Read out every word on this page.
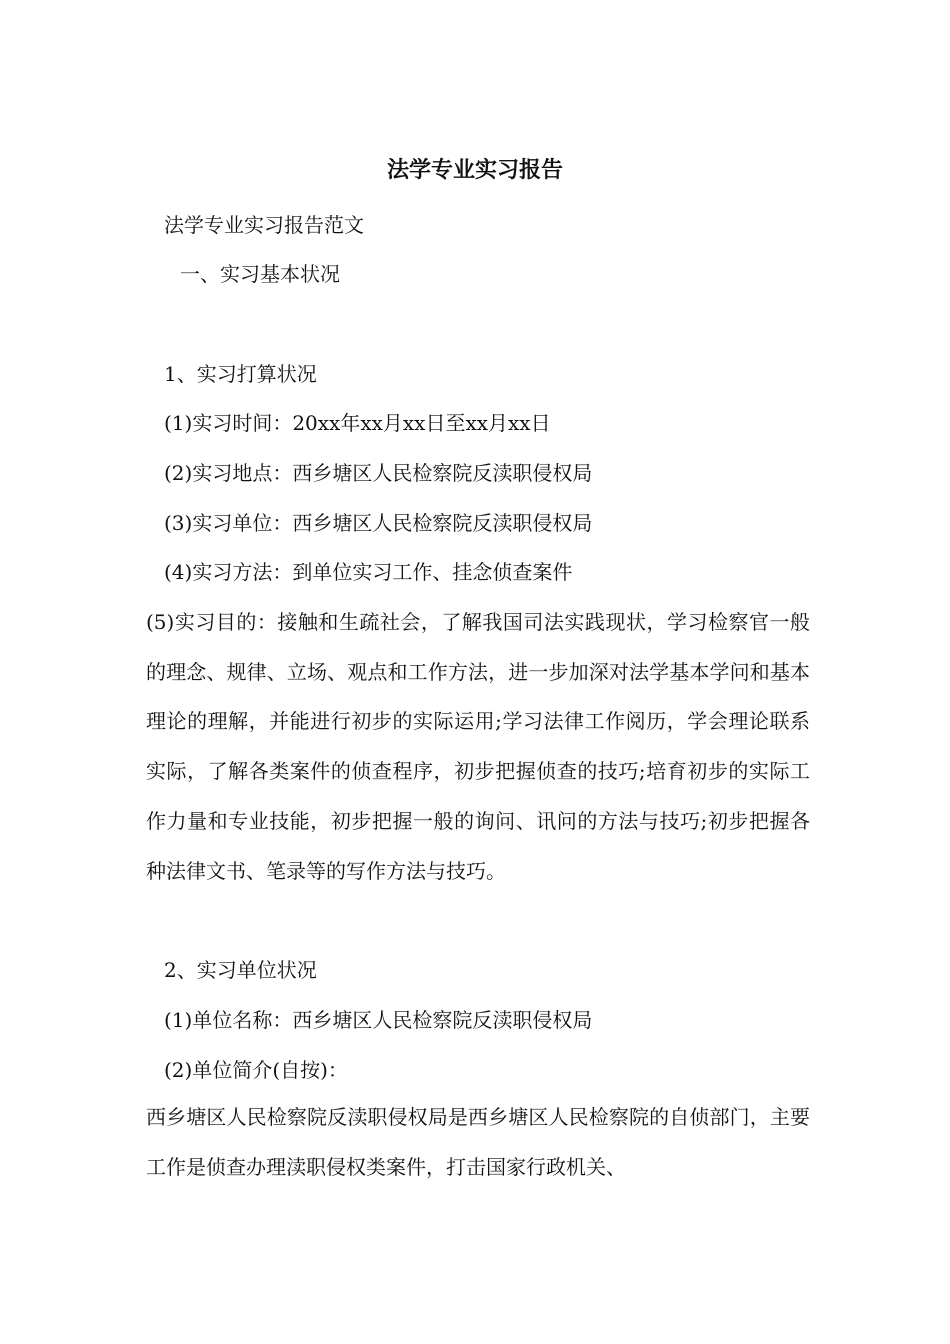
法学专业实习报告
法学专业实习报告范文
一、实习基本状况
1、实习打算状况
(1)实习时间：20xx年xx月xx日至xx月xx日
(2)实习地点：西乡塘区人民检察院反渎职侵权局
(3)实习单位：西乡塘区人民检察院反渎职侵权局
(4)实习方法：到单位实习工作、挂念侦查案件
(5)实习目的：接触和生疏社会，了解我国司法实践现状，学习检察官一般的理念、规律、立场、观点和工作方法，进一步加深对法学基本学问和基本理论的理解，并能进行初步的实际运用;学习法律工作阅历，学会理论联系实际，了解各类案件的侦查程序，初步把握侦查的技巧;培育初步的实际工作力量和专业技能，初步把握一般的询问、讯问的方法与技巧;初步把握各种法律文书、笔录等的写作方法与技巧。
2、实习单位状况
(1)单位名称：西乡塘区人民检察院反渎职侵权局
(2)单位简介(自按)：
西乡塘区人民检察院反渎职侵权局是西乡塘区人民检察院的自侦部门，主要工作是侦查办理渎职侵权类案件，打击国家行政机关、
